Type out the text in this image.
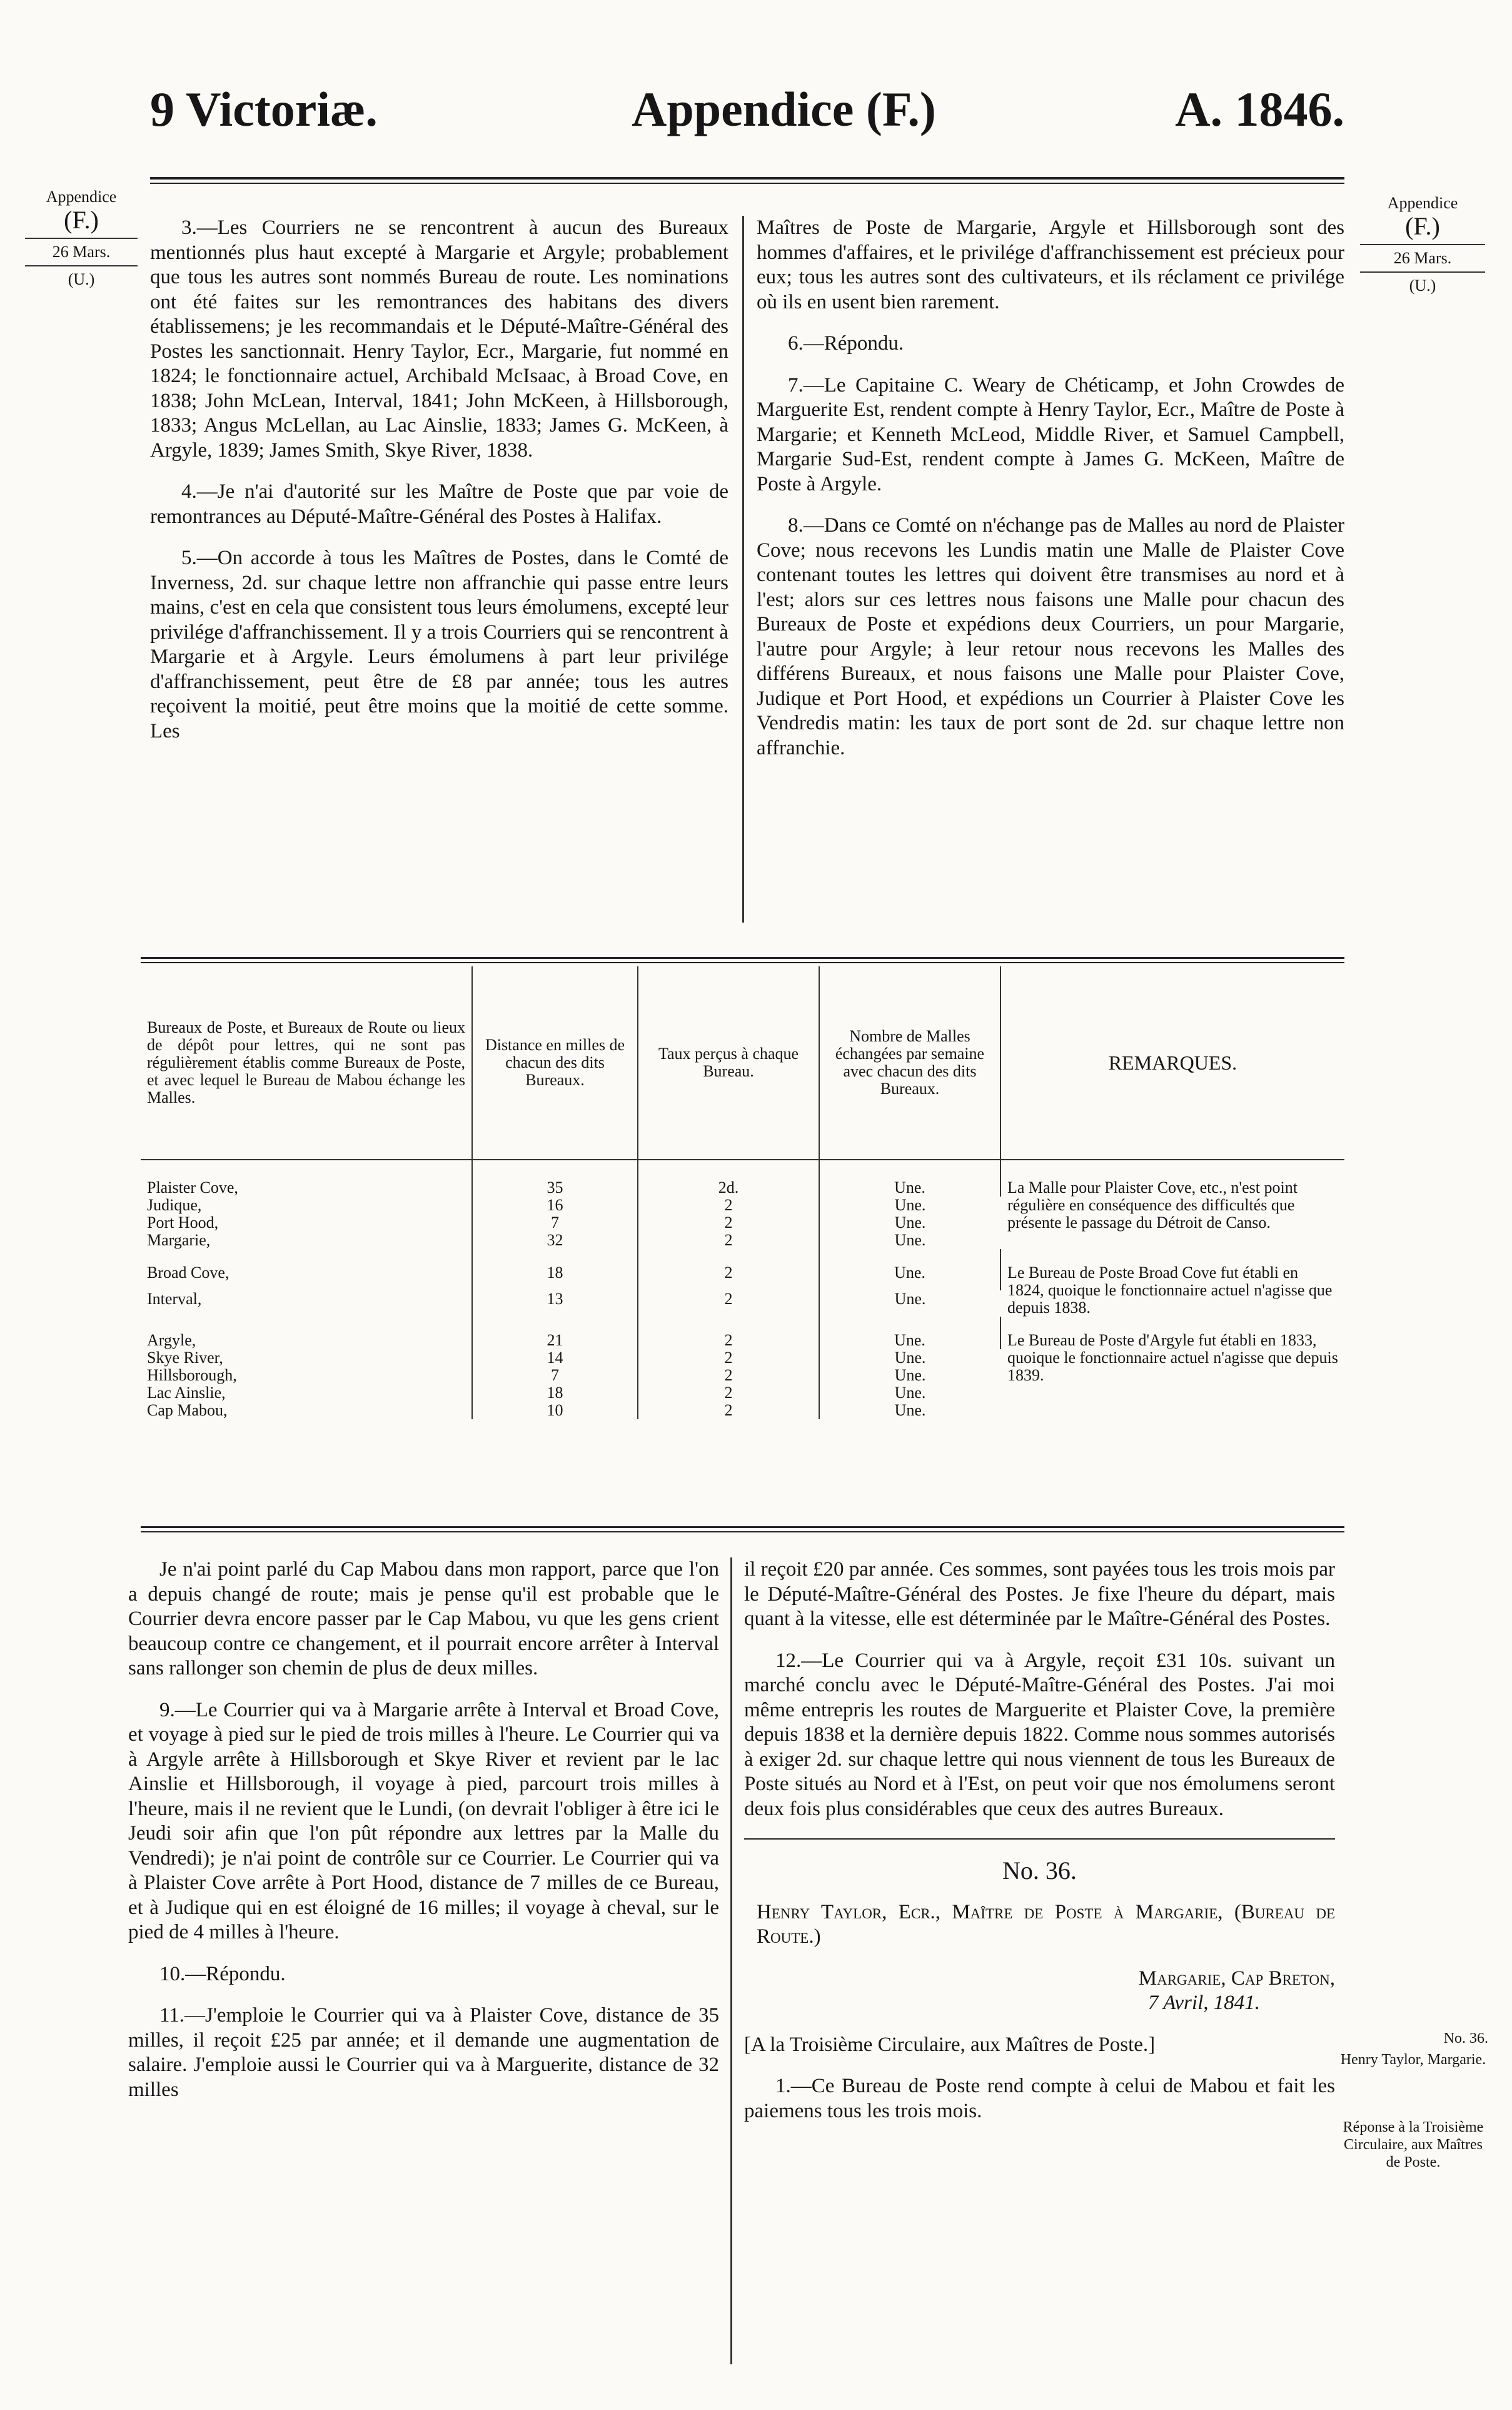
9 Victoriæ.	Appendice (F.)	A. 1846.
Appendice
(F.)
26 Mars.
(U.)
Appendice
(F.)
26 Mars.
(U.)

3.—Les Courriers ne se rencontrent à aucun des Bureaux mentionnés plus haut excepté à Margarie et Argyle; probablement que tous les autres sont nommés Bureau de route. Les nominations ont été faites sur les remontrances des habitans des divers établissemens; je les recommandais et le Député-Maître-Général des Postes les sanctionnait. Henry Taylor, Ecr., Margarie, fut nommé en 1824; le fonctionnaire actuel, Archibald McIsaac, à Broad Cove, en 1838; John McLean, Interval, 1841; John McKeen, à Hillsborough, 1833; Angus McLellan, au Lac Ainslie, 1833; James G. McKeen, à Argyle, 1839; James Smith, Skye River, 1838.

4.—Je n'ai d'autorité sur les Maître de Poste que par voie de remontrances au Député-Maître-Général des Postes à Halifax.

5.—On accorde à tous les Maîtres de Postes, dans le Comté de Inverness, 2d. sur chaque lettre non affranchie qui passe entre leurs mains, c'est en cela que consistent tous leurs émolumens, excepté leur privilége d'affranchissement. Il y a trois Courriers qui se rencontrent à Margarie et à Argyle. Leurs émolumens à part leur privilége d'affranchissement, peut être de £8 par année; tous les autres reçoivent la moitié, peut être moins que la moitié de cette somme. Les

Maîtres de Poste de Margarie, Argyle et Hillsborough sont des hommes d'affaires, et le privilége d'affranchissement est précieux pour eux; tous les autres sont des cultivateurs, et ils réclament ce privilége où ils en usent bien rarement.

6.—Répondu.

7.—Le Capitaine C. Weary de Chéticamp, et John Crowdes de Marguerite Est, rendent compte à Henry Taylor, Ecr., Maître de Poste à Margarie; et Kenneth McLeod, Middle River, et Samuel Campbell, Margarie Sud-Est, rendent compte à James G. McKeen, Maître de Poste à Argyle.

8.—Dans ce Comté on n'échange pas de Malles au nord de Plaister Cove; nous recevons les Lundis matin une Malle de Plaister Cove contenant toutes les lettres qui doivent être transmises au nord et à l'est; alors sur ces lettres nous faisons une Malle pour chacun des Bureaux de Poste et expédions deux Courriers, un pour Margarie, l'autre pour Argyle; à leur retour nous recevons les Malles des différens Bureaux, et nous faisons une Malle pour Plaister Cove, Judique et Port Hood, et expédions un Courrier à Plaister Cove les Vendredis matin: les taux de port sont de 2d. sur chaque lettre non affranchie.

Bureaux de Poste, et Bureaux de Route ou lieux de dépôt pour lettres, qui ne sont pas régulièrement établis comme Bureaux de Poste, et avec lequel le Bureau de Mabou échange les Malles.	Distance en milles de chacun des dits Bureaux.	Taux perçus à chaque Bureau.	Nombre de Malles échangées par semaine avec chacun des dits Bureaux.	REMARQUES.

Plaister Cove,	35	2d.	Une.	La Malle pour Plaister Cove, etc., n'est point régulière en conséquence des difficultés que présente le passage du Détroit de Canso.
Judique,	16	2	Une.	
Port Hood,	7	2	Une.	
Margarie,	32	2	Une.	

Broad Cove,	18	2	Une.	Le Bureau de Poste Broad Cove fut établi en 1824, quoique le fonctionnaire actuel n'agisse que depuis 1838.
Interval,	13	2	Une.	

Argyle,	21	2	Une.	Le Bureau de Poste d'Argyle fut établi en 1833, quoique le fonctionnaire actuel n'agisse que depuis 1839.
Skye River,	14	2	Une.	
Hillsborough,	7	2	Une.	
Lac Ainslie,	18	2	Une.	
Cap Mabou,	10	2	Une.	

Je n'ai point parlé du Cap Mabou dans mon rapport, parce que l'on a depuis changé de route; mais je pense qu'il est probable que le Courrier devra encore passer par le Cap Mabou, vu que les gens crient beaucoup contre ce changement, et il pourrait encore arrêter à Interval sans rallonger son chemin de plus de deux milles.

9.—Le Courrier qui va à Margarie arrête à Interval et Broad Cove, et voyage à pied sur le pied de trois milles à l'heure. Le Courrier qui va à Argyle arrête à Hillsborough et Skye River et revient par le lac Ainslie et Hillsborough, il voyage à pied, parcourt trois milles à l'heure, mais il ne revient que le Lundi, (on devrait l'obliger à être ici le Jeudi soir afin que l'on pût répondre aux lettres par la Malle du Vendredi); je n'ai point de contrôle sur ce Courrier. Le Courrier qui va à Plaister Cove arrête à Port Hood, distance de 7 milles de ce Bureau, et à Judique qui en est éloigné de 16 milles; il voyage à cheval, sur le pied de 4 milles à l'heure.

10.—Répondu.

11.—J'emploie le Courrier qui va à Plaister Cove, distance de 35 milles, il reçoit £25 par année; et il demande une augmentation de salaire. J'emploie aussi le Courrier qui va à Marguerite, distance de 32 milles

il reçoit £20 par année. Ces sommes, sont payées tous les trois mois par le Député-Maître-Général des Postes. Je fixe l'heure du départ, mais quant à la vitesse, elle est déterminée par le Maître-Général des Postes.

12.—Le Courrier qui va à Argyle, reçoit £31 10s. suivant un marché conclu avec le Député-Maître-Général des Postes. J'ai moi même entrepris les routes de Marguerite et Plaister Cove, la première depuis 1838 et la dernière depuis 1822. Comme nous sommes autorisés à exiger 2d. sur chaque lettre qui nous viennent de tous les Bureaux de Poste situés au Nord et à l'Est, on peut voir que nos émolumens seront deux fois plus considérables que ceux des autres Bureaux.

No. 36.

Henry Taylor, Ecr., Maître de Poste à Margarie, (Bureau de Route.)

Margarie, Cap Breton,

7 Avril, 1841.

[A la Troisième Circulaire, aux Maîtres de Poste.]

1.—Ce Bureau de Poste rend compte à celui de Mabou et fait les paiemens tous les trois mois.

No. 36.
Henry Taylor, Margarie.
Réponse à la Troisième Circulaire, aux Maîtres de Poste.
